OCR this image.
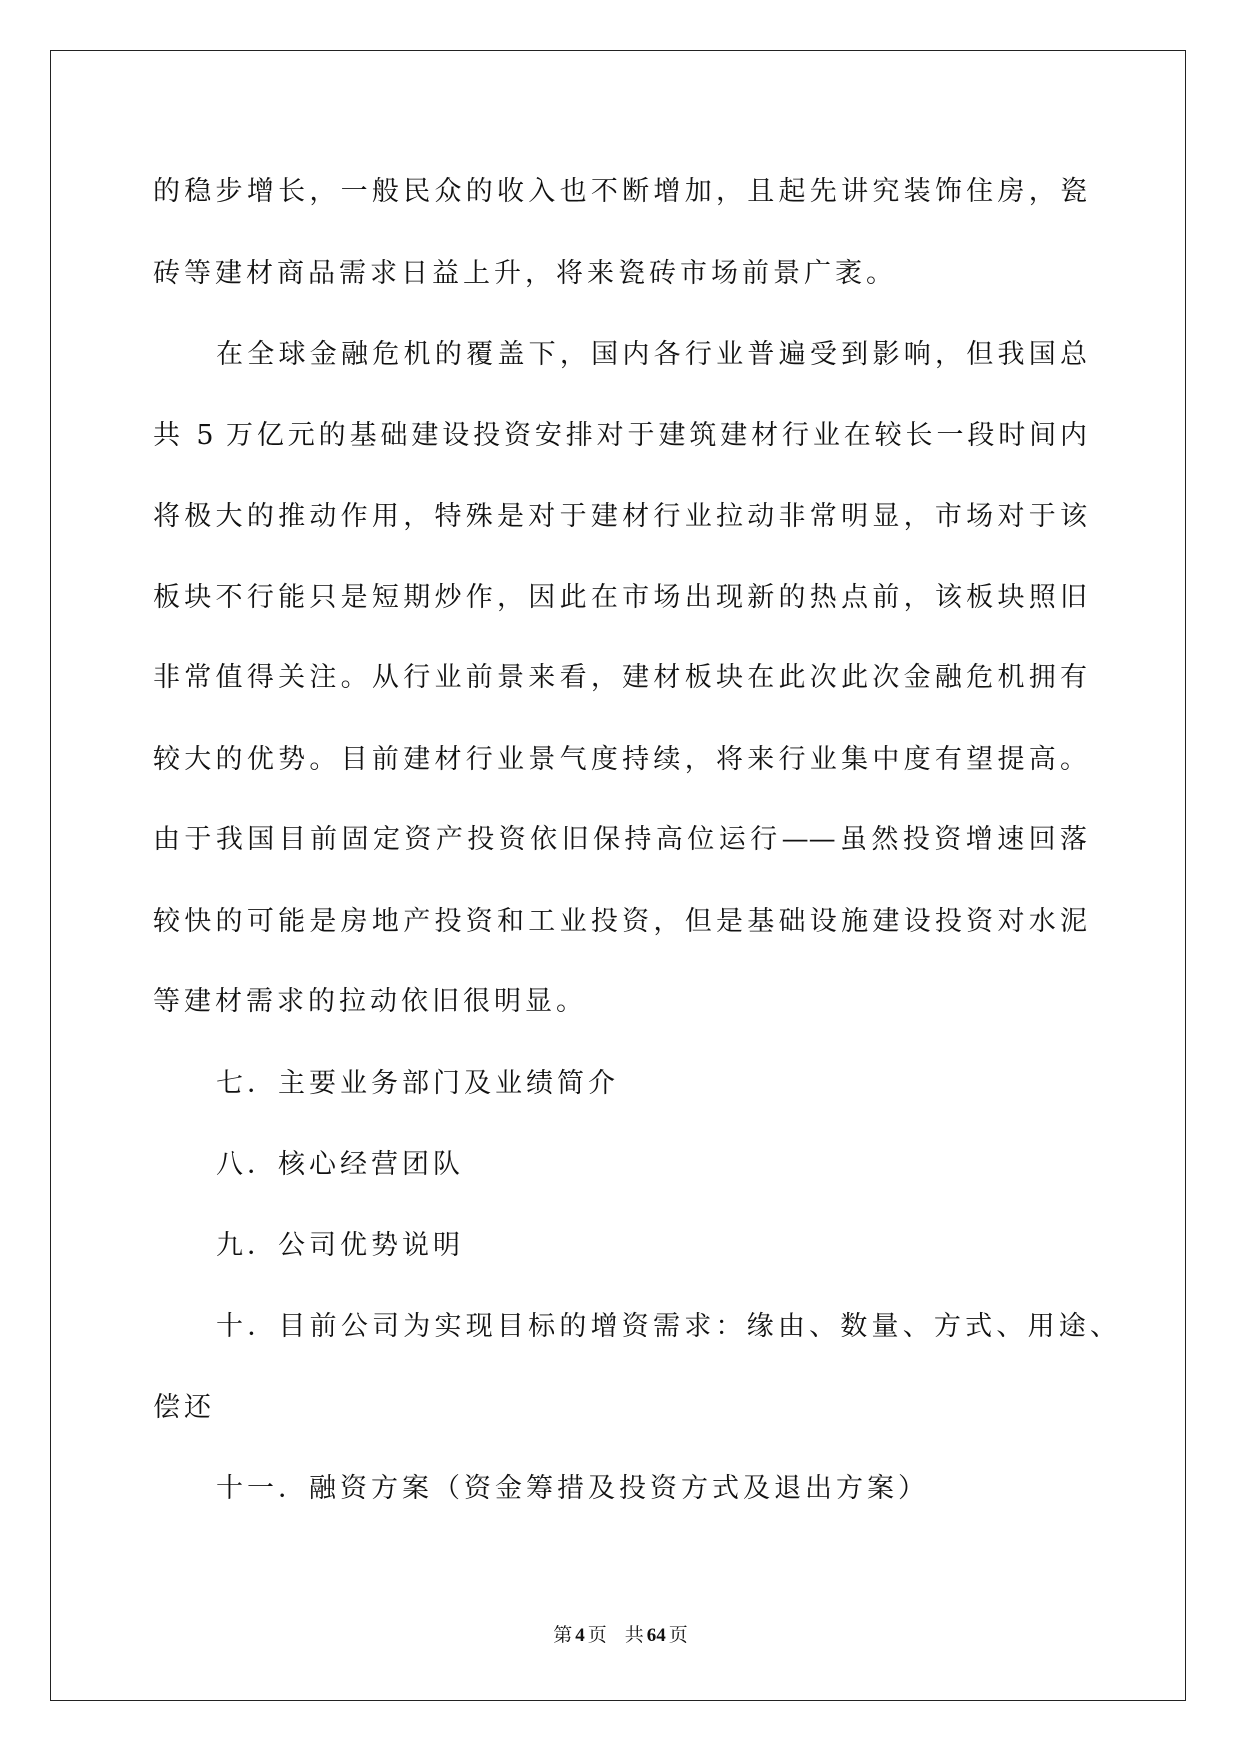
的稳步增长，一般民众的收入也不断增加，且起先讲究装饰住房，瓷
砖等建材商品需求日益上升，将来瓷砖市场前景广袤。
在全球金融危机的覆盖下，国内各行业普遍受到影响，但我国总
共 5 万亿元的基础建设投资安排对于建筑建材行业在较长一段时间内
将极大的推动作用，特殊是对于建材行业拉动非常明显，市场对于该
板块不行能只是短期炒作，因此在市场出现新的热点前，该板块照旧
非常值得关注。从行业前景来看，建材板块在此次此次金融危机拥有
较大的优势。目前建材行业景气度持续，将来行业集中度有望提高。
由于我国目前固定资产投资依旧保持高位运行——虽然投资增速回落
较快的可能是房地产投资和工业投资，但是基础设施建设投资对水泥
等建材需求的拉动依旧很明显。
七．主要业务部门及业绩简介
八．核心经营团队
九．公司优势说明
十．目前公司为实现目标的增资需求：缘由、数量、方式、用途、
偿还
十一．融资方案（资金筹措及投资方式及退出方案）
第 4 页 共 64 页
